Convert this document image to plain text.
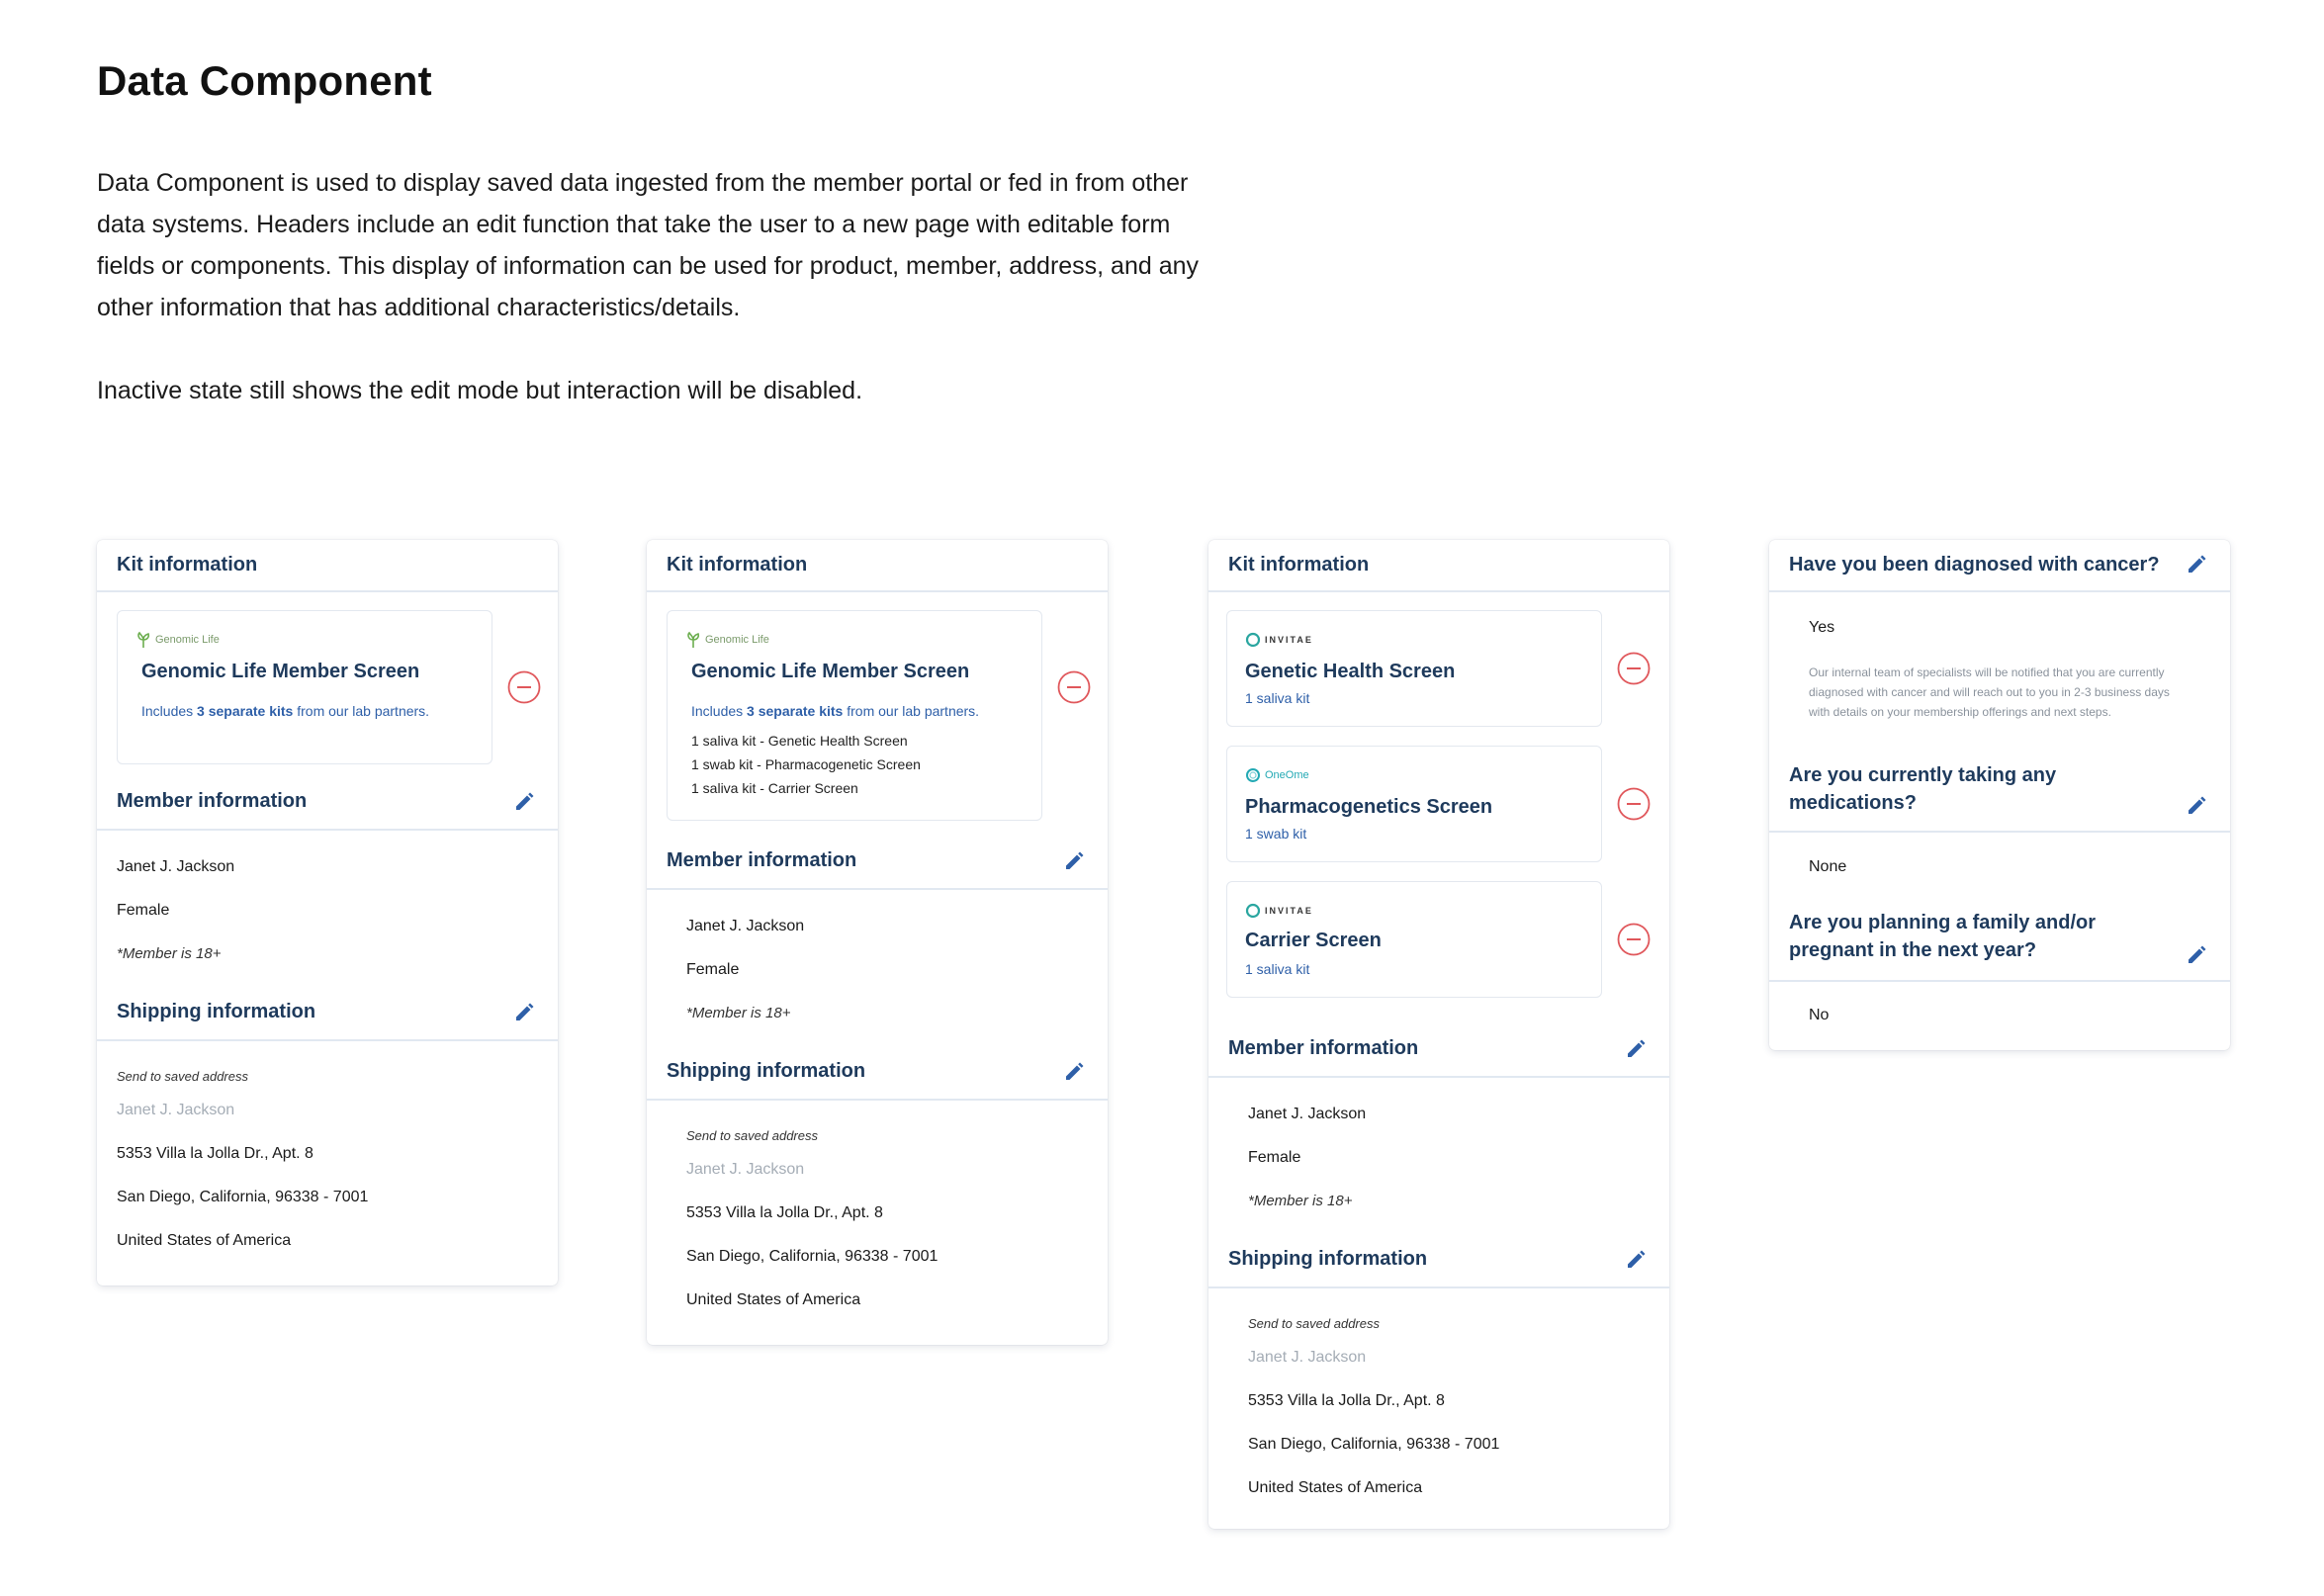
Data Component
Data Component is used to display saved data ingested from the member portal or fed in from other data systems. Headers include an edit function that take the user to a new page with editable form fields or components. This display of information can be used for product, member, address, and any other information that has additional characteristics/details.
Inactive state still shows the edit mode but interaction will be disabled.
Kit information
Genomic Life
Genomic Life Member Screen
Includes 3 separate kits from our lab partners.
Member information
Janet J. Jackson
Female
*Member is 18+
Shipping information
Send to saved address
Janet J. Jackson
5353 Villa la Jolla Dr., Apt. 8
San Diego, California, 96338 - 7001
United States of America
Kit information
Genomic Life
Genomic Life Member Screen
Includes 3 separate kits from our lab partners.
1 saliva kit - Genetic Health Screen
1 swab kit - Pharmacogenetic Screen
1 saliva kit - Carrier Screen
Member information
Janet J. Jackson
Female
*Member is 18+
Shipping information
Send to saved address
Janet J. Jackson
5353 Villa la Jolla Dr., Apt. 8
San Diego, California, 96338 - 7001
United States of America
Kit information
INVITAE
Genetic Health Screen
1 saliva kit
OneOme
Pharmacogenetics Screen
1 swab kit
INVITAE
Carrier Screen
1 saliva kit
Member information
Janet J. Jackson
Female
*Member is 18+
Shipping information
Send to saved address
Janet J. Jackson
5353 Villa la Jolla Dr., Apt. 8
San Diego, California, 96338 - 7001
United States of America
Have you been diagnosed with cancer?
Yes
Our internal team of specialists will be notified that you are currently
diagnosed with cancer and will reach out to you in 2-3 business days
with details on your membership offerings and next steps.
Are you currently taking any
medications?
None
Are you planning a family and/or
pregnant in the next year?
No
